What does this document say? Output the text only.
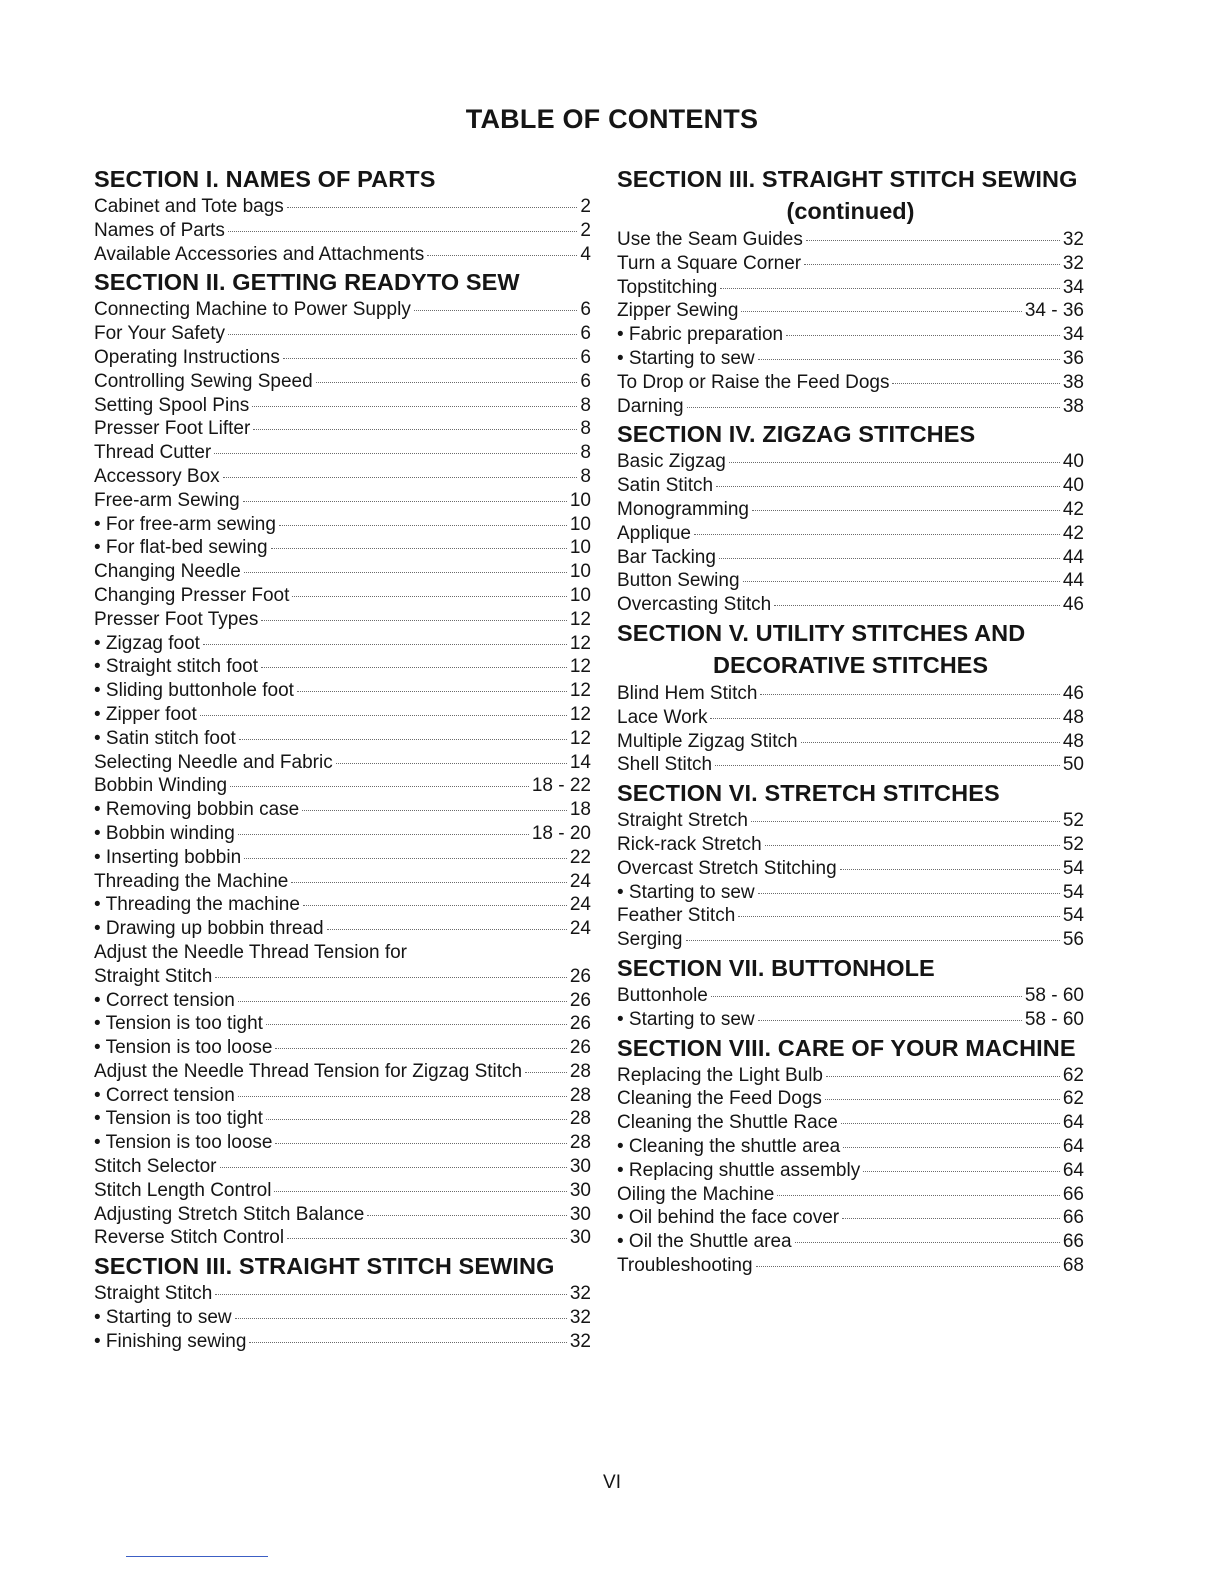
TABLE OF CONTENTS
SECTION I. NAMES OF PARTS
Cabinet and Tote bags	2
Names of Parts	2
Available Accessories and Attachments	4
SECTION II. GETTING READYTO SEW
Connecting Machine to Power Supply	6
For Your Safety	6
Operating Instructions	6
Controlling Sewing Speed	6
Setting Spool Pins	8
Presser Foot Lifter	8
Thread Cutter	8
Accessory Box	8
Free-arm Sewing	10
• For free-arm sewing	10
• For flat-bed sewing	10
Changing Needle	10
Changing Presser Foot	10
Presser Foot Types	12
• Zigzag foot	12
• Straight stitch foot	12
• Sliding buttonhole foot	12
• Zipper foot	12
• Satin stitch foot	12
Selecting Needle and Fabric	14
Bobbin Winding	18 - 22
• Removing bobbin case	18
• Bobbin winding	18 - 20
• Inserting bobbin	22
Threading the Machine	24
• Threading the machine	24
• Drawing up bobbin thread	24
Adjust the Needle Thread Tension for
Straight Stitch	26
• Correct tension	26
• Tension is too tight	26
• Tension is too loose	26
Adjust the Needle Thread Tension for Zigzag Stitch	28
• Correct tension	28
• Tension is too tight	28
• Tension is too loose	28
Stitch Selector	30
Stitch Length Control	30
Adjusting Stretch Stitch Balance	30
Reverse Stitch Control	30
SECTION III. STRAIGHT STITCH SEWING
Straight Stitch	32
• Starting to sew	32
• Finishing sewing	32
SECTION III. STRAIGHT STITCH SEWING
(continued)
Use the Seam Guides	32
Turn a Square Corner	32
Topstitching	34
Zipper Sewing	34 - 36
• Fabric preparation	34
• Starting to sew	36
To Drop or Raise the Feed Dogs	38
Darning	38
SECTION IV. ZIGZAG STITCHES
Basic Zigzag	40
Satin Stitch	40
Monogramming	42
Applique	42
Bar Tacking	44
Button Sewing	44
Overcasting Stitch	46
SECTION V. UTILITY STITCHES AND
DECORATIVE STITCHES
Blind Hem Stitch	46
Lace Work	48
Multiple Zigzag Stitch	48
Shell Stitch	50
SECTION VI. STRETCH STITCHES
Straight Stretch	52
Rick-rack Stretch	52
Overcast Stretch Stitching	54
• Starting to sew	54
Feather Stitch	54
Serging	56
SECTION VII. BUTTONHOLE
Buttonhole	58 - 60
• Starting to sew	58 - 60
SECTION VIII. CARE OF YOUR MACHINE
Replacing the Light Bulb	62
Cleaning the Feed Dogs	62
Cleaning the Shuttle Race	64
• Cleaning the shuttle area	64
• Replacing shuttle assembly	64
Oiling the Machine	66
• Oil behind the face cover	66
• Oil the Shuttle area	66
Troubleshooting	68
VI
